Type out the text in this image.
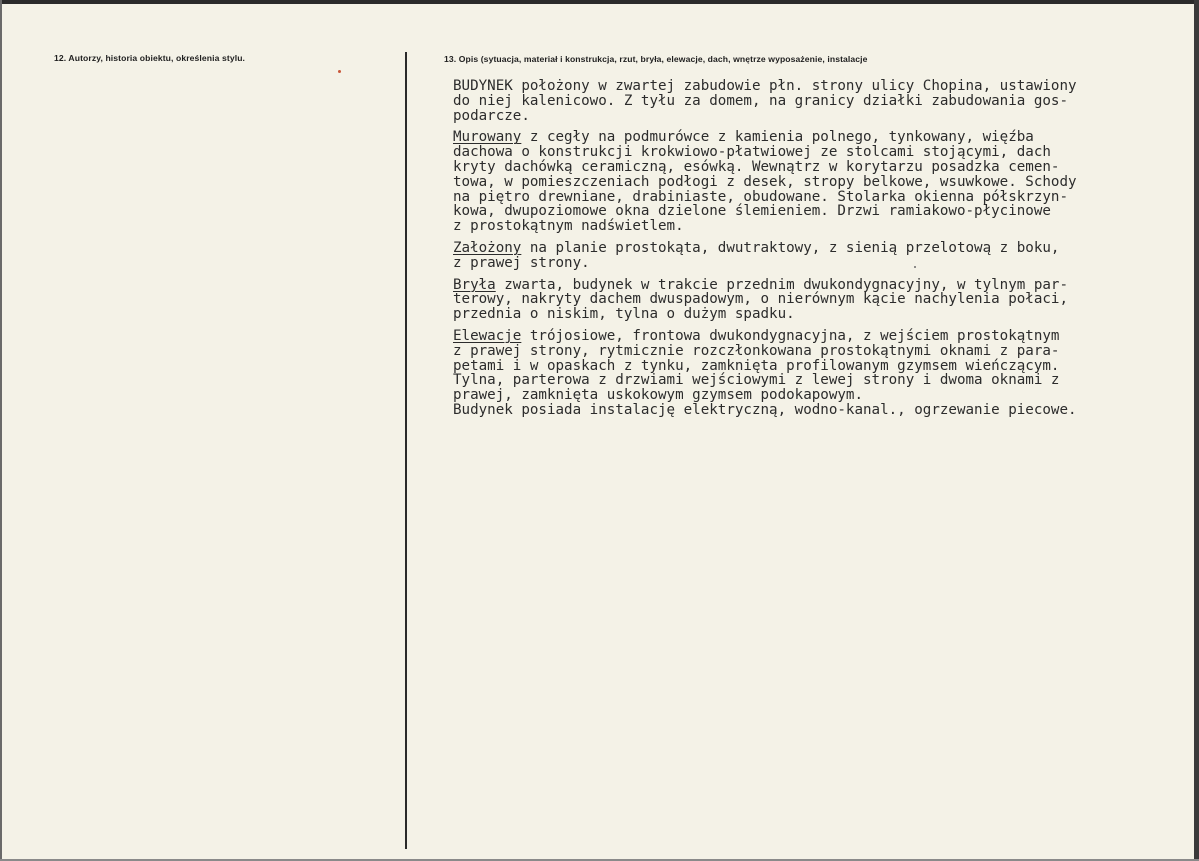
12. Autorzy, historia obiektu, określenia stylu.	13. Opis (sytuacja, materiał i konstrukcja, rzut, bryła, elewacje, dach, wnętrze wyposażenie, instalacje
BUDYNEK położony w zwartej zabudowie płn. strony ulicy Chopina, ustawiony
do niej kalenicowo. Z tyłu za domem, na granicy działki zabudowania gos-
podarcze.
Murowany z cegły na podmurówce z kamienia polnego, tynkowany, więźba
dachowa o konstrukcji krokwiowo-płatwiowej ze stolcami stojącymi, dach
kryty dachówką ceramiczną, esówką. Wewnątrz w korytarzu posadzka cemen-
towa, w pomieszczeniach podłogi z desek, stropy belkowe, wsuwkowe. Schody
na piętro drewniane, drabiniaste, obudowane. Stolarka okienna półskrzyn-
kowa, dwupoziomowe okna dzielone ślemieniem. Drzwi ramiakowo-płycinowe
z prostokątnym nadświetlem.
Założony na planie prostokąta, dwutraktowy, z sienią przelotową z boku,
z prawej strony.
Bryła zwarta, budynek w trakcie przednim dwukondygnacyjny, w tylnym par-
terowy, nakryty dachem dwuspadowym, o nierównym kącie nachylenia połaci,
przednia o niskim, tylna o dużym spadku.
Elewacje trójosiowe, frontowa dwukondygnacyjna, z wejściem prostokątnym
z prawej strony, rytmicznie rozczłonkowana prostokątnymi oknami z para-
petami i w opaskach z tynku, zamknięta profilowanym gzymsem wieńczącym.
Tylna, parterowa z drzwiami wejściowymi z lewej strony i dwoma oknami z
prawej, zamknięta uskokowym gzymsem podokapowym.
Budynek posiada instalację elektryczną, wodno-kanal., ogrzewanie piecowe.
